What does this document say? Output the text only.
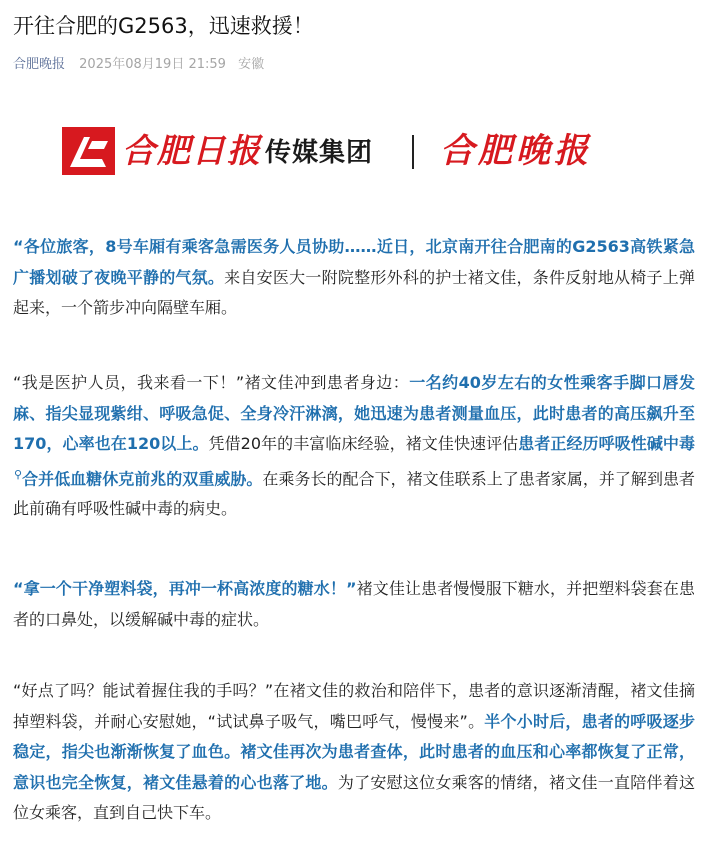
开往合肥的G2563，迅速救援！
合肥晚报 2025年08月19日 21:59 安徽
合肥日报 传媒集团 合肥晚报

“各位旅客，8号车厢有乘客急需医务人员协助……近日，北京南开往合肥南的G2563高铁紧急广播划破了夜晚平静的气氛。来自安医大一附院整形外科的护士褚文佳，条件反射地从椅子上弹起来，一个箭步冲向隔壁车厢。

“我是医护人员，我来看一下！”褚文佳冲到患者身边：一名约40岁左右的女性乘客手脚口唇发麻、指尖显现紫绀、呼吸急促、全身冷汗淋漓，她迅速为患者测量血压，此时患者的高压飙升至170，心率也在120以上。凭借20年的丰富临床经验，褚文佳快速评估患者正经历呼吸性碱中毒⚲合并低血糖休克前兆的双重威胁。在乘务长的配合下，褚文佳联系上了患者家属，并了解到患者此前确有呼吸性碱中毒的病史。

“拿一个干净塑料袋，再冲一杯高浓度的糖水！”褚文佳让患者慢慢服下糖水，并把塑料袋套在患者的口鼻处，以缓解碱中毒的症状。

“好点了吗？能试着握住我的手吗？”在褚文佳的救治和陪伴下，患者的意识逐渐清醒，褚文佳摘掉塑料袋，并耐心安慰她，“试试鼻子吸气，嘴巴呼气，慢慢来”。半个小时后，患者的呼吸逐步稳定，指尖也渐渐恢复了血色。褚文佳再次为患者查体，此时患者的血压和心率都恢复了正常，意识也完全恢复，褚文佳悬着的心也落了地。为了安慰这位女乘客的情绪，褚文佳一直陪伴着这位女乘客，直到自己快下车。
